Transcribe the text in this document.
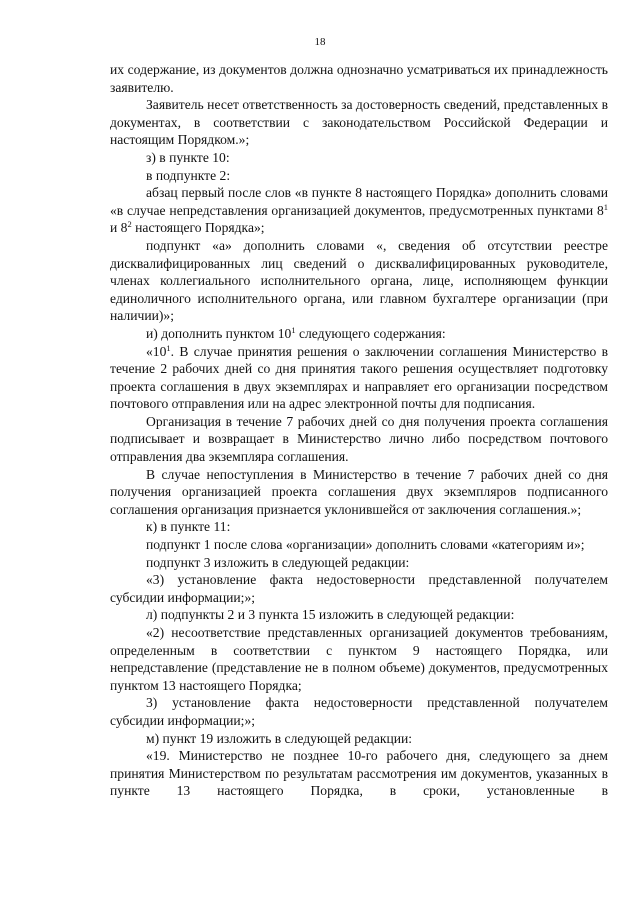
18

их содержание, из документов должна однозначно усматриваться их принадлежность заявителю.

Заявитель несет ответственность за достоверность сведений, представленных в документах, в соответствии с законодательством Российской Федерации и настоящим Порядком.»;

з) в пункте 10:

в подпункте 2:

абзац первый после слов «в пункте 8 настоящего Порядка» дополнить словами «в случае непредставления организацией документов, предусмотренных пунктами $8^1$ и $8^2$ настоящего Порядка»;

подпункт «а» дополнить словами «, сведения об отсутствии реестре дисквалифицированных лиц сведений о дисквалифицированных руководителе, членах коллегиального исполнительного органа, лице, исполняющем функции единоличного исполнительного органа, или главном бухгалтере организации (при наличии)»;

и) дополнить пунктом $10^1$ следующего содержания:

«$10^1$. В случае принятия решения о заключении соглашения Министерство в течение 2 рабочих дней со дня принятия такого решения осуществляет подготовку проекта соглашения в двух экземплярах и направляет его организации посредством почтового отправления или на адрес электронной почты для подписания.

Организация в течение 7 рабочих дней со дня получения проекта соглашения подписывает и возвращает в Министерство лично либо посредством почтового отправления два экземпляра соглашения.

В случае непоступления в Министерство в течение 7 рабочих дней со дня получения организацией проекта соглашения двух экземпляров подписанного соглашения организация признается уклонившейся от заключения соглашения.»;

к) в пункте 11:

подпункт 1 после слова «организации» дополнить словами «категориям и»;

подпункт 3 изложить в следующей редакции:

«3) установление факта недостоверности представленной получателем субсидии информации;»;

л) подпункты 2 и 3 пункта 15 изложить в следующей редакции:

«2) несоответствие представленных организацией документов требованиям, определенным в соответствии с пунктом 9 настоящего Порядка, или непредставление (представление не в полном объеме) документов, предусмотренных пунктом 13 настоящего Порядка;

3) установление факта недостоверности представленной получателем субсидии информации;»;

м) пункт 19 изложить в следующей редакции:

«19. Министерство не позднее 10-го рабочего дня, следующего за днем принятия Министерством по результатам рассмотрения им документов, указанных в пункте 13 настоящего Порядка, в сроки, установленные в
